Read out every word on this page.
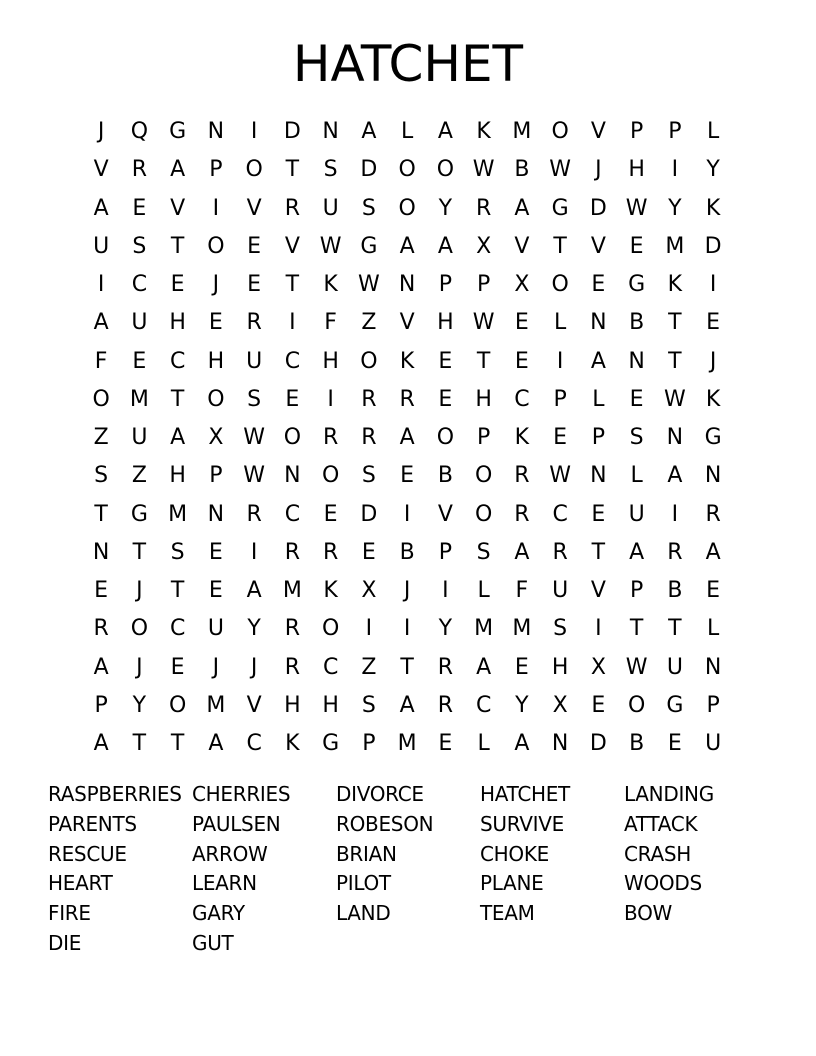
HATCHET
J	Q G N	I	D N	A	L	A	K M O	V	P	P	L
V	R	A	P	O	T	S	D O O W B W	J	H	I	Y
A	E	V	I	V	R	U	S	O	Y	R	A	G D W Y	K
U	S	T	O	E	V W G	A	A	X	V	T	V	E M D
I	C	E	J	E	T	K W N	P	P	X	O	E	G	K	I
A	U H	E	R	I	F	Z	V	H W E	L	N	B	T	E
F	E	C	H U	C	H O	K	E	T	E	I	A	N	T	J
O M	T	O	S	E	I	R	R	E	H	C	P	L	E W K
Z	U	A	X W O R	R	A	O	P	K	E	P	S	N G
S	Z	H	P W N O	S	E	B	O R W N	L	A	N
T	G M N	R	C	E	D	I	V	O R	C	E	U	I	R
N	T	S	E	I	R	R	E	B	P	S	A	R	T	A	R	A
E	J	T	E	A M K	X	J	I	L	F	U	V	P	B	E
R O C	U	Y	R O	I	I	Y	M M S	I	T	T	L
A	J	E	J	J	R	C	Z	T	R	A	E	H	X W U N
P	Y	O M V	H H	S	A	R	C	Y	X	E	O G	P
A	T	T	A	C	K	G	P	M E	L	A	N D	B	E	U
RASPBERRIES CHERRIES	DIVORCE	HATCHET	LANDING
PARENTS	PAULSEN	ROBESON	SURVIVE	ATTACK
RESCUE	ARROW	BRIAN	CHOKE	CRASH
HEART	LEARN	PILOT	PLANE	WOODS
FIRE	GARY	LAND	TEAM	BOW
DIE	GUT
